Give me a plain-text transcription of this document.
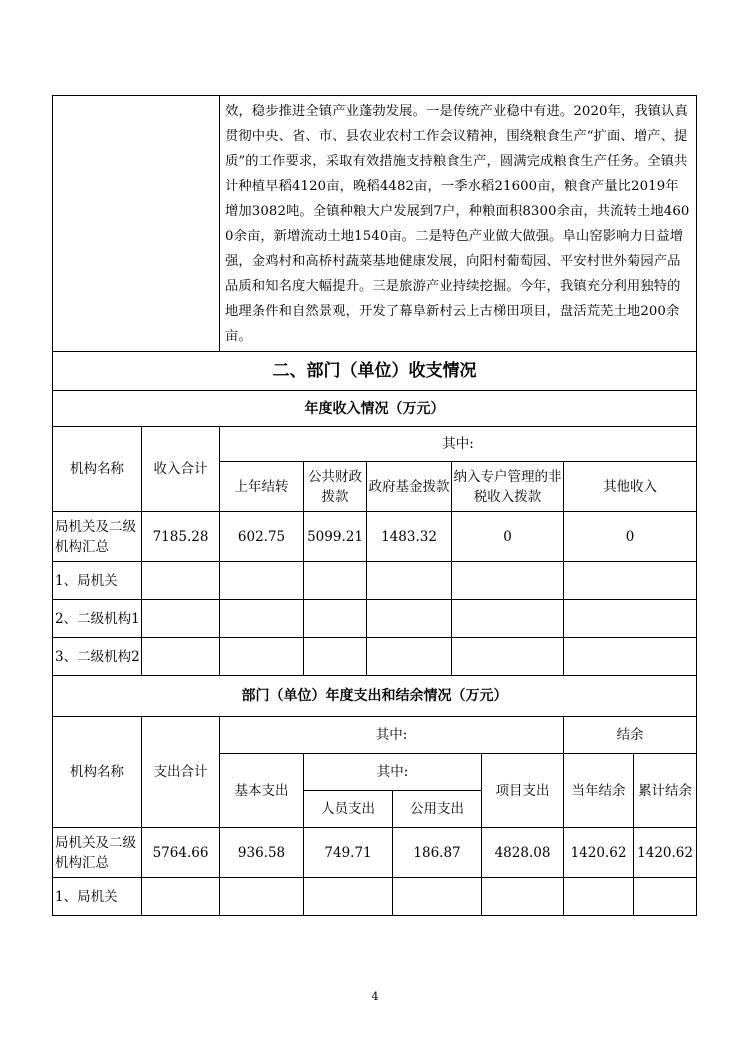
		效，稳步推进全镇产业蓬勃发展。一是传统产业稳中有进。2020年，我镇认真贯彻中央、省、市、县农业农村工作会议精神，围绕粮食生产“扩面、增产、提质”的工作要求，采取有效措施支持粮食生产，圆满完成粮食生产任务。全镇共计种植早稻4120亩，晚稻4482亩，一季水稻21600亩，粮食产量比2019年增加3082吨。全镇种粮大户发展到7户，种粮面积8300余亩，共流转土地4600余亩，新增流动土地1540亩。二是特色产业做大做强。阜山窑影响力日益增强，金鸡村和高桥村蔬菜基地健康发展，向阳村葡萄园、平安村世外菊园产品品质和知名度大幅提升。三是旅游产业持续挖掘。今年，我镇充分利用独特的地理条件和自然景观，开发了幕阜新村云上古梯田项目，盘活荒芜土地200余亩。							
二、部门（单位）收支情况									
年度收入情况（万元）									
机构名称	收入合计	其中:							
		上年结转	公共财政拨款	政府基金拨款		纳入专户管理的非税收入拨款		其他收入	
局机关及二级机构汇总	7185.28	602.75	5099.21	1483.32		0		0	
1、局机关									
2、二级机构1									
3、二级机构2									
部门（单位）年度支出和结余情况（万元）									
机构名称	支出合计	其中:						结余	
		基本支出	其中:				项目支出	当年结余	累计结余
			人员支出		公用支出				
局机关及二级机构汇总	5764.66	936.58	749.71		186.87		4828.08	1420.62	1420.62
1、局机关									
4
